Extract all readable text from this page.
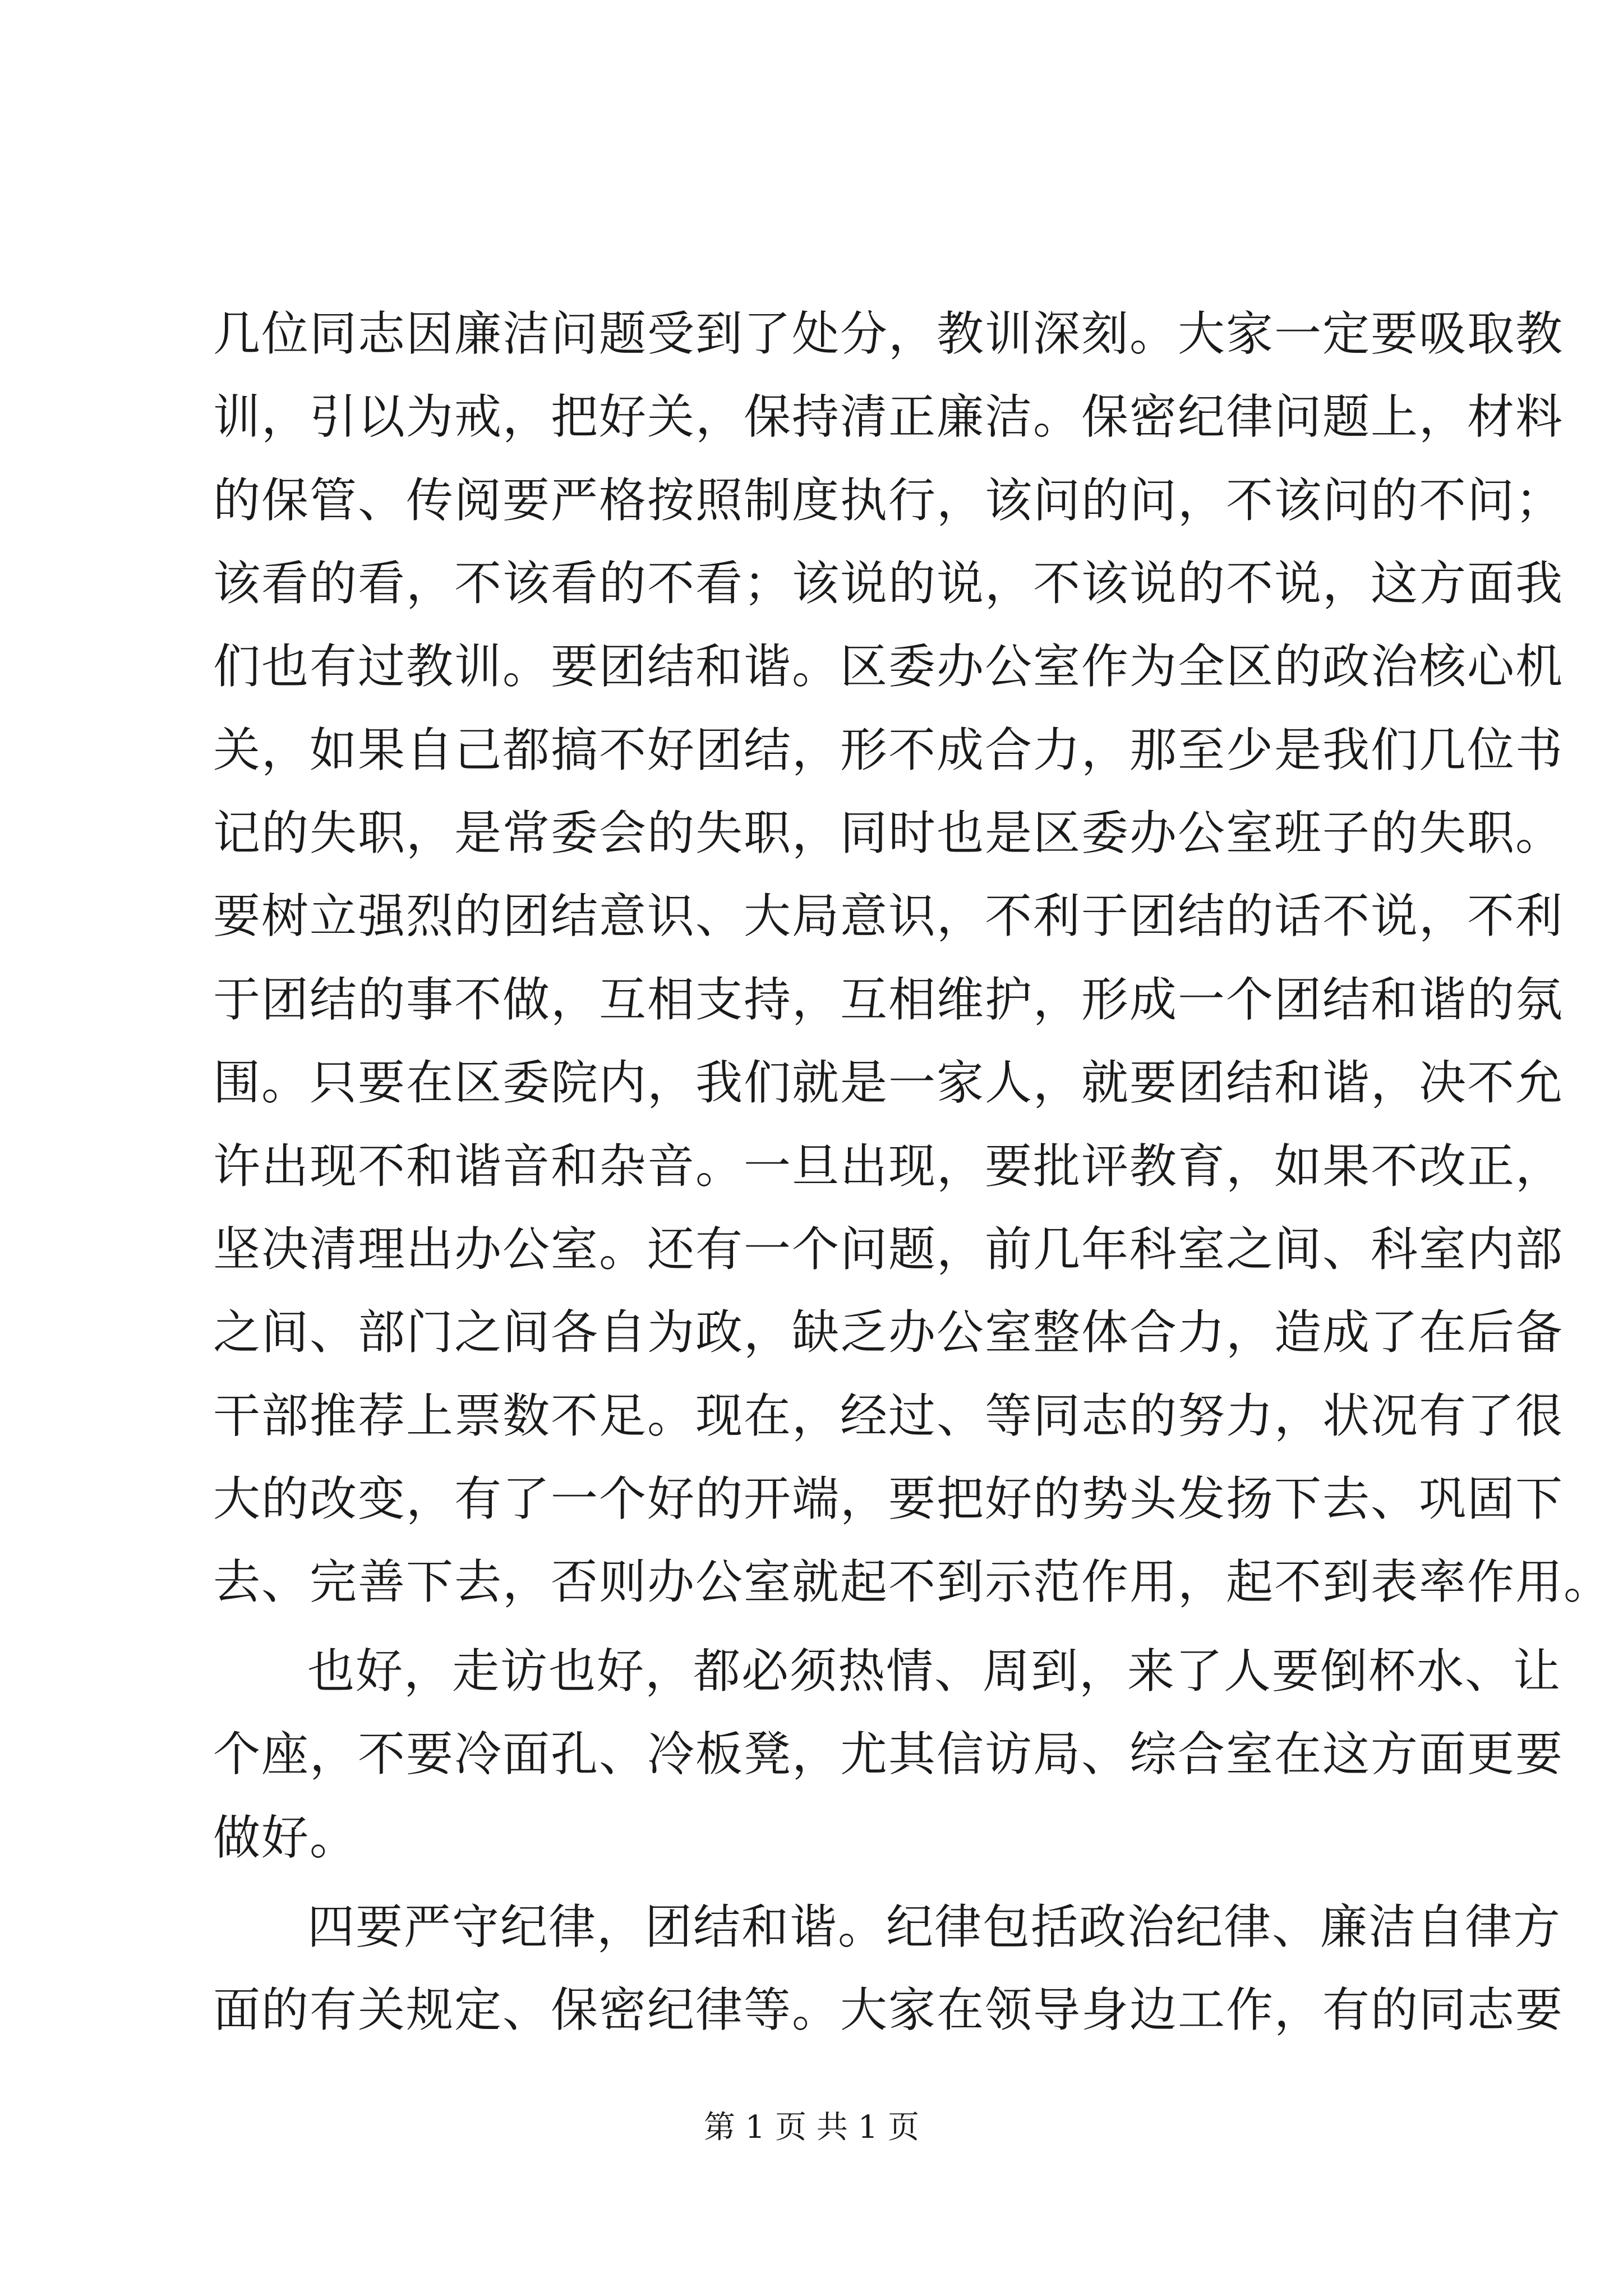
几位同志因廉洁问题受到了处分，教训深刻。大家一定要吸取教
训，引以为戒，把好关，保持清正廉洁。保密纪律问题上，材料
的保管、传阅要严格按照制度执行，该问的问，不该问的不问；
该看的看，不该看的不看；该说的说，不该说的不说，这方面我
们也有过教训。要团结和谐。区委办公室作为全区的政治核心机
关，如果自己都搞不好团结，形不成合力，那至少是我们几位书
记的失职，是常委会的失职，同时也是区委办公室班子的失职。
要树立强烈的团结意识、大局意识，不利于团结的话不说，不利
于团结的事不做，互相支持，互相维护，形成一个团结和谐的氛
围。只要在区委院内，我们就是一家人，就要团结和谐，决不允
许出现不和谐音和杂音。一旦出现，要批评教育，如果不改正，
坚决清理出办公室。还有一个问题，前几年科室之间、科室内部
之间、部门之间各自为政，缺乏办公室整体合力，造成了在后备
干部推荐上票数不足。现在，经过、等同志的努力，状况有了很
大的改变，有了一个好的开端，要把好的势头发扬下去、巩固下
去、完善下去，否则办公室就起不到示范作用，起不到表率作用。
也好，走访也好，都必须热情、周到，来了人要倒杯水、让
个座，不要冷面孔、冷板凳，尤其信访局、综合室在这方面更要
做好。
四要严守纪律，团结和谐。纪律包括政治纪律、廉洁自律方
面的有关规定、保密纪律等。大家在领导身边工作，有的同志要
第 1 页 共 1 页
